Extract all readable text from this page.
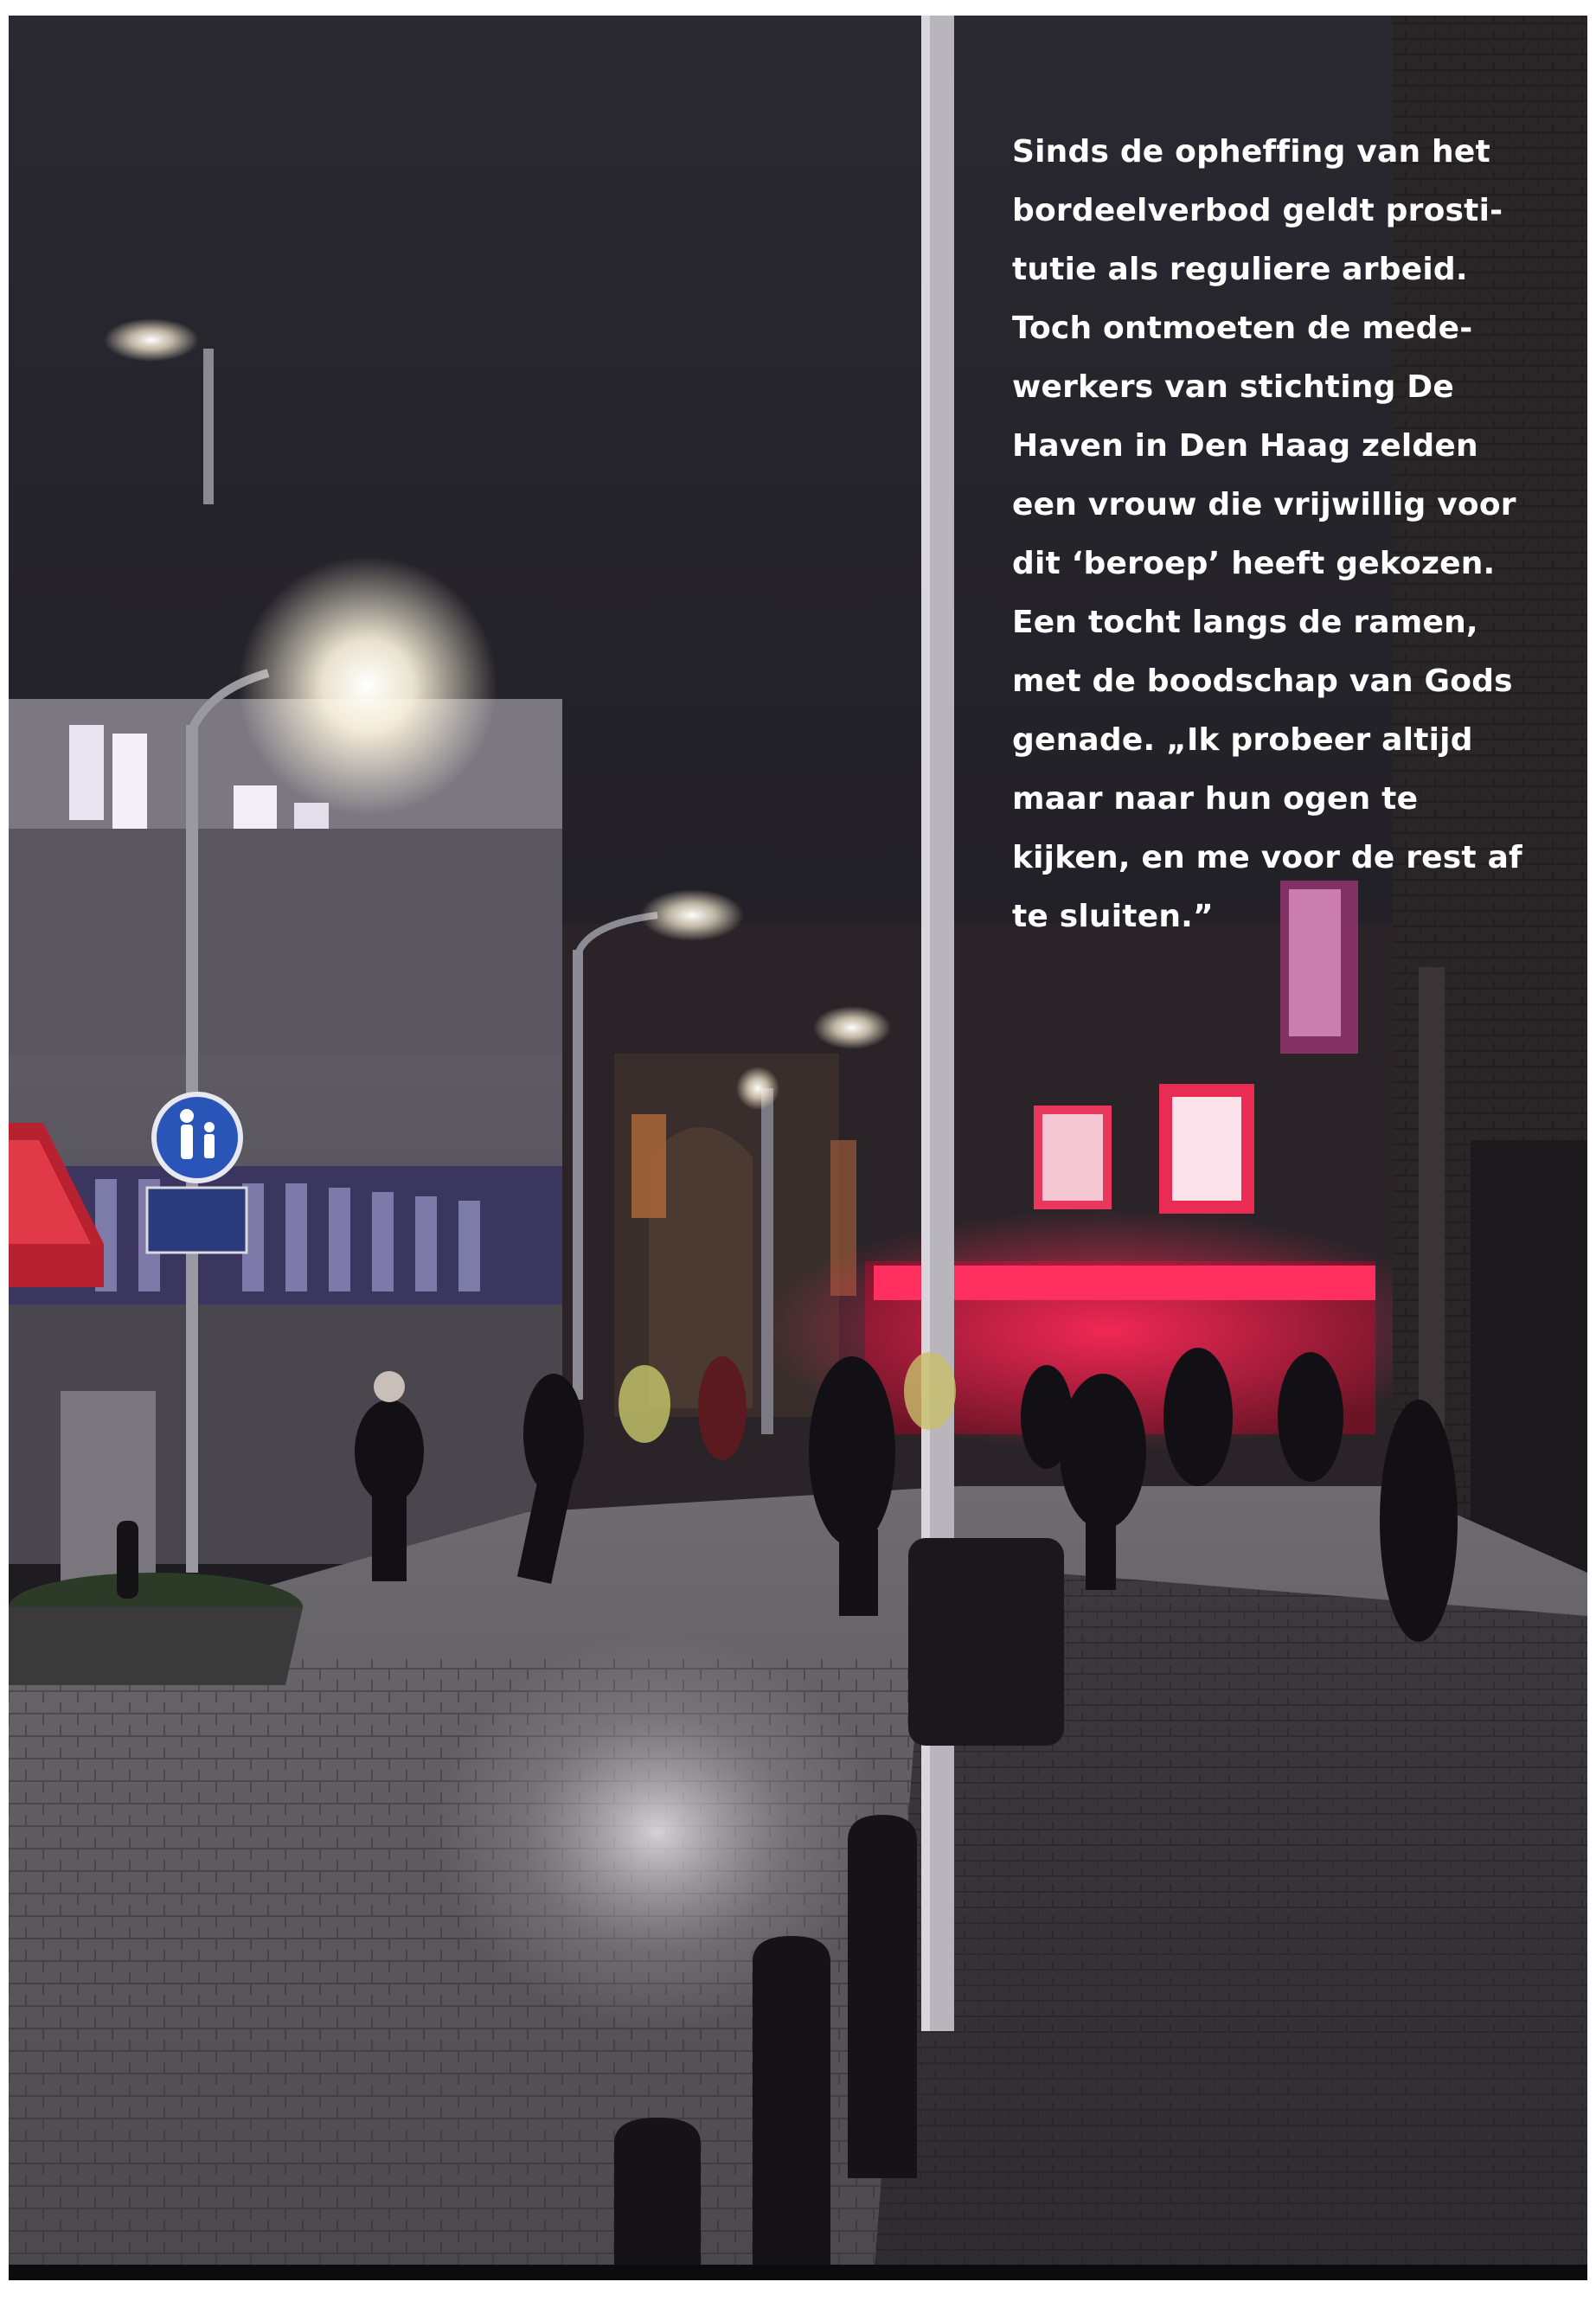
Sinds de opheffing van het
bordeelverbod geldt prosti-
tutie als reguliere arbeid.
Toch ontmoeten de mede-
werkers van stichting De
Haven in Den Haag zelden
een vrouw die vrijwillig voor
dit ‘beroep’ heeft gekozen.
Een tocht langs de ramen,
met de boodschap van Gods
genade. „Ik probeer altijd
maar naar hun ogen te
kijken, en me voor de rest af
te sluiten.”
